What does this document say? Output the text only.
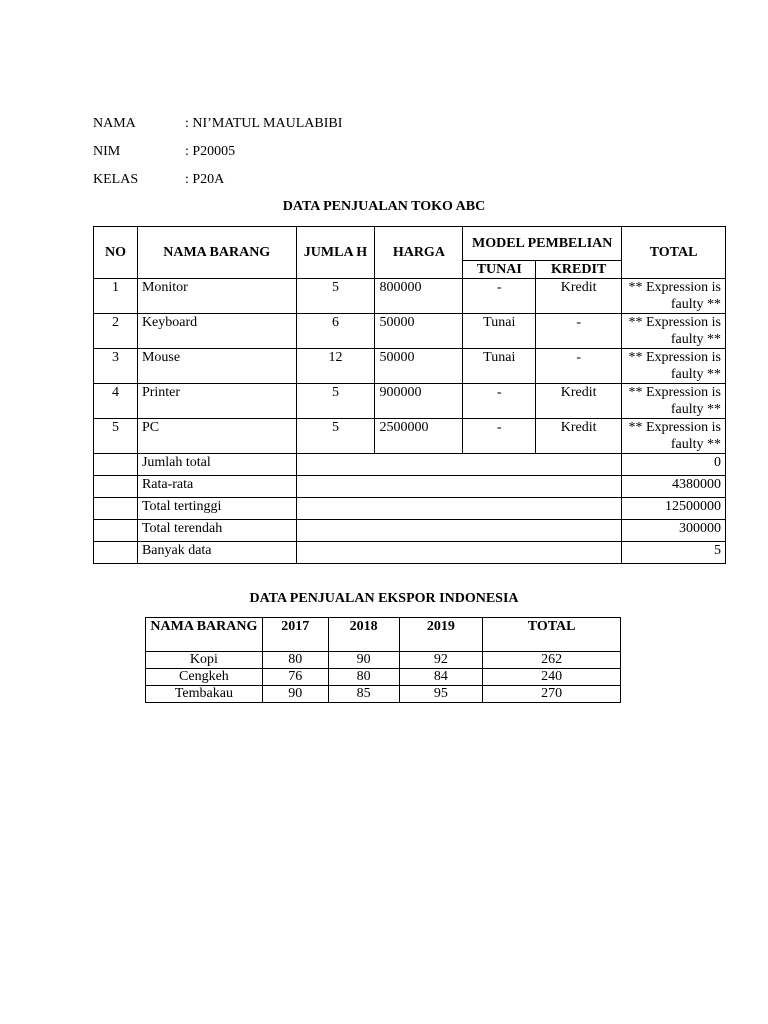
NAMA	: NI’MATUL MAULABIBI
NIM	: P20005
KELAS	: P20A
DATA PENJUALAN TOKO ABC
NO	NAMA BARANG	JUMLA H	HARGA	MODEL PEMBELIAN		TOTAL
				TUNAI	KREDIT	
1	Monitor	5	800000	-	Kredit	** Expression is faulty **
2	Keyboard	6	50000	Tunai	-	** Expression is faulty **
3	Mouse	12	50000	Tunai	-	** Expression is faulty **
4	Printer	5	900000	-	Kredit	** Expression is faulty **
5	PC	5	2500000	-	Kredit	** Expression is faulty **
	Jumlah total					0
	Rata-rata					4380000
	Total tertinggi					12500000
	Total terendah					300000
	Banyak data					5
DATA PENJUALAN EKSPOR INDONESIA
NAMA BARANG	2017	2018	2019	TOTAL
Kopi	80	90	92	262
Cengkeh	76	80	84	240
Tembakau	90	85	95	270
